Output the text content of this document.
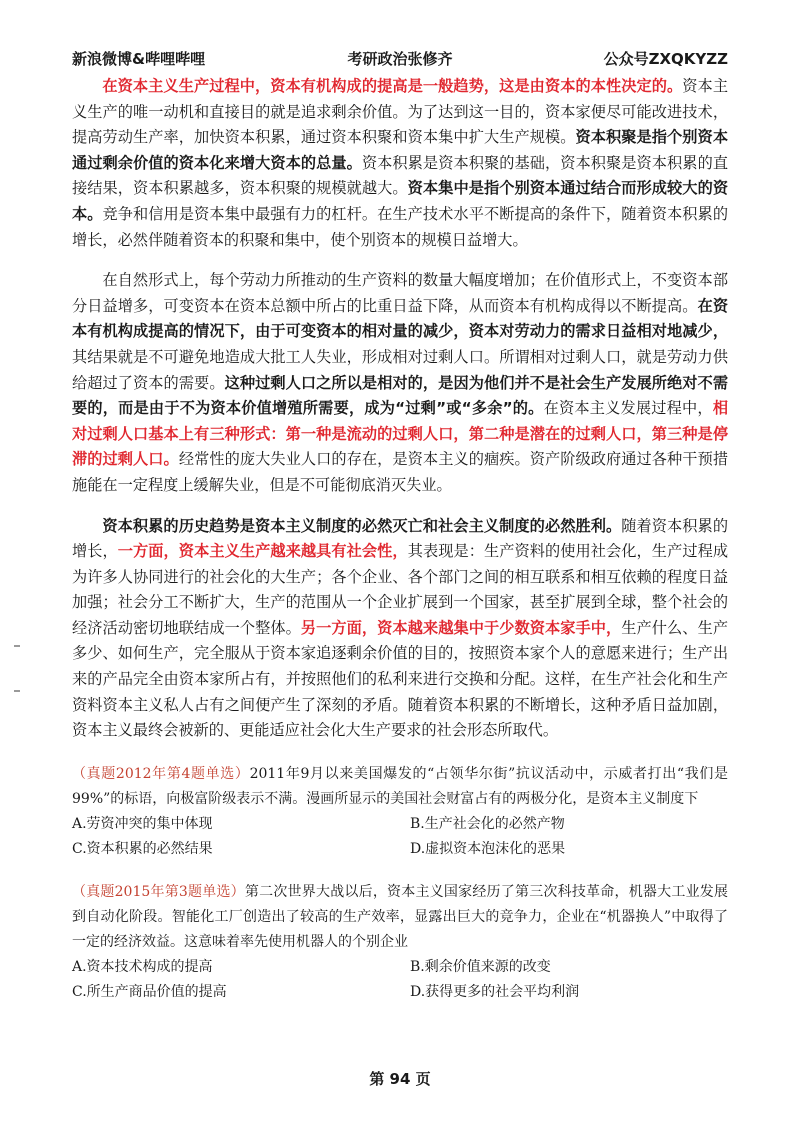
新浪微博&哔哩哔哩	考研政治张修齐	公众号ZXQKYZZ

在资本主义生产过程中，资本有机构成的提高是一般趋势，这是由资本的本性决定的。资本主义生产的唯一动机和直接目的就是追求剩余价值。为了达到这一目的，资本家便尽可能改进技术，提高劳动生产率，加快资本积累，通过资本积聚和资本集中扩大生产规模。资本积聚是指个别资本通过剩余价值的资本化来增大资本的总量。资本积累是资本积聚的基础，资本积聚是资本积累的直接结果，资本积累越多，资本积聚的规模就越大。资本集中是指个别资本通过结合而形成较大的资本。竞争和信用是资本集中最强有力的杠杆。在生产技术水平不断提高的条件下，随着资本积累的增长，必然伴随着资本的积聚和集中，使个别资本的规模日益增大。

在自然形式上，每个劳动力所推动的生产资料的数量大幅度增加；在价值形式上，不变资本部分日益增多，可变资本在资本总额中所占的比重日益下降，从而资本有机构成得以不断提高。在资本有机构成提高的情况下，由于可变资本的相对量的减少，资本对劳动力的需求日益相对地减少，其结果就是不可避免地造成大批工人失业，形成相对过剩人口。所谓相对过剩人口，就是劳动力供给超过了资本的需要。这种过剩人口之所以是相对的，是因为他们并不是社会生产发展所绝对不需要的，而是由于不为资本价值增殖所需要，成为“过剩”或“多余”的。在资本主义发展过程中，相对过剩人口基本上有三种形式：第一种是流动的过剩人口，第二种是潜在的过剩人口，第三种是停滞的过剩人口。经常性的庞大失业人口的存在，是资本主义的痼疾。资产阶级政府通过各种干预措施能在一定程度上缓解失业，但是不可能彻底消灭失业。

资本积累的历史趋势是资本主义制度的必然灭亡和社会主义制度的必然胜利。随着资本积累的增长，一方面，资本主义生产越来越具有社会性，其表现是：生产资料的使用社会化，生产过程成为许多人协同进行的社会化的大生产；各个企业、各个部门之间的相互联系和相互依赖的程度日益加强；社会分工不断扩大，生产的范围从一个企业扩展到一个国家，甚至扩展到全球，整个社会的经济活动密切地联结成一个整体。另一方面，资本越来越集中于少数资本家手中，生产什么、生产多少、如何生产，完全服从于资本家追逐剩余价值的目的，按照资本家个人的意愿来进行；生产出来的产品完全由资本家所占有，并按照他们的私利来进行交换和分配。这样，在生产社会化和生产资料资本主义私人占有之间便产生了深刻的矛盾。随着资本积累的不断增长，这种矛盾日益加剧，资本主义最终会被新的、更能适应社会化大生产要求的社会形态所取代。

（真题2012年第4题单选）2011年9月以来美国爆发的“占领华尔街”抗议活动中，示威者打出“我们是99%”的标语，向极富阶级表示不满。漫画所显示的美国社会财富占有的两极分化，是资本主义制度下
A.劳资冲突的集中体现	B.生产社会化的必然产物
C.资本积累的必然结果	D.虚拟资本泡沫化的恶果
（真题2015年第3题单选）第二次世界大战以后，资本主义国家经历了第三次科技革命，机器大工业发展到自动化阶段。智能化工厂创造出了较高的生产效率，显露出巨大的竞争力，企业在“机器换人”中取得了一定的经济效益。这意味着率先使用机器人的个别企业
A.资本技术构成的提高	B.剩余价值来源的改变
C.所生产商品价值的提高	D.获得更多的社会平均利润
第 94 页
